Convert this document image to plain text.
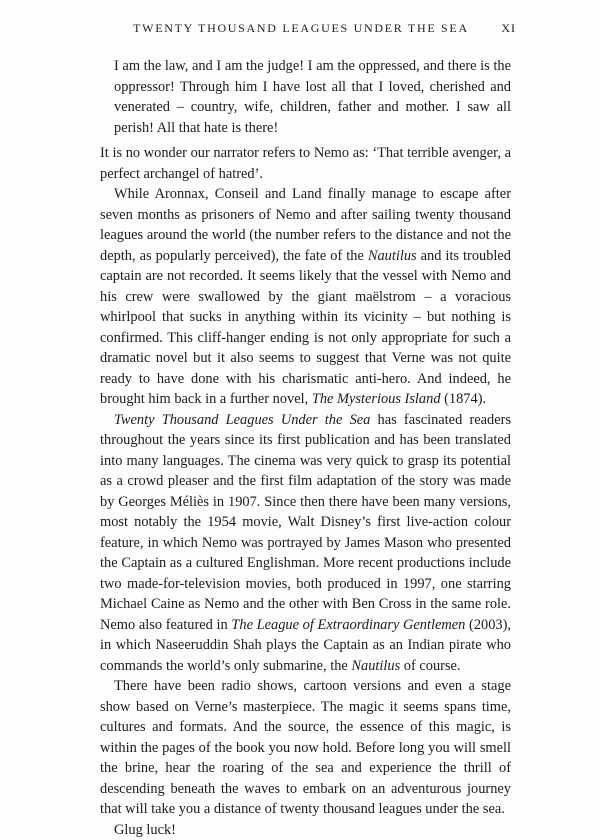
TWENTY THOUSAND LEAGUES UNDER THE SEA	XI
I am the law, and I am the judge! I am the oppressed, and there is the oppressor! Through him I have lost all that I loved, cherished and venerated – country, wife, children, father and mother. I saw all perish! All that hate is there!

It is no wonder our narrator refers to Nemo as: ‘That terrible avenger, a perfect archangel of hatred’.

While Aronnax, Conseil and Land finally manage to escape after seven months as prisoners of Nemo and after sailing twenty thousand leagues around the world (the number refers to the distance and not the depth, as popularly perceived), the fate of the Nautilus and its troubled captain are not recorded. It seems likely that the vessel with Nemo and his crew were swallowed by the giant maëlstrom – a voracious whirlpool that sucks in anything within its vicinity – but nothing is confirmed. This cliff-hanger ending is not only appropriate for such a dramatic novel but it also seems to suggest that Verne was not quite ready to have done with his charismatic anti-hero. And indeed, he brought him back in a further novel, The Mysterious Island (1874).

Twenty Thousand Leagues Under the Sea has fascinated readers throughout the years since its first publication and has been translated into many languages. The cinema was very quick to grasp its potential as a crowd pleaser and the first film adaptation of the story was made by Georges Méliès in 1907. Since then there have been many versions, most notably the 1954 movie, Walt Disney’s first live-action colour feature, in which Nemo was portrayed by James Mason who presented the Captain as a cultured Englishman. More recent productions include two made-for-television movies, both produced in 1997, one starring Michael Caine as Nemo and the other with Ben Cross in the same role. Nemo also featured in The League of Extraordinary Gentlemen (2003), in which Naseeruddin Shah plays the Captain as an Indian pirate who commands the world’s only submarine, the Nautilus of course.

There have been radio shows, cartoon versions and even a stage show based on Verne’s masterpiece. The magic it seems spans time, cultures and formats. And the source, the essence of this magic, is within the pages of the book you now hold. Before long you will smell the brine, hear the roaring of the sea and experience the thrill of descending beneath the waves to embark on an adventurous journey that will take you a distance of twenty thousand leagues under the sea.

Glug luck!
